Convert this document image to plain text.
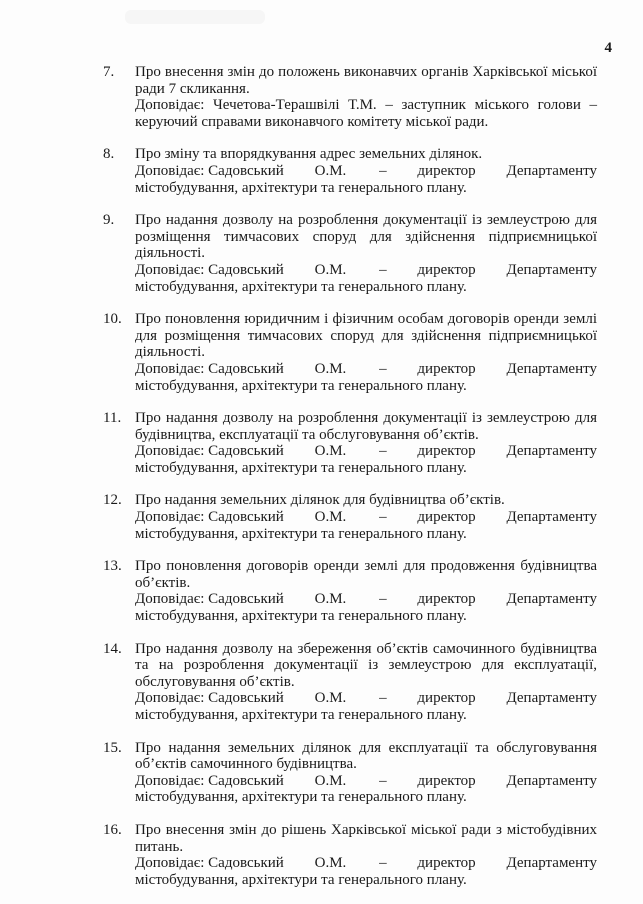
4
7.	Про внесення змін до положень виконавчих органів Харківської міської ради 7 скликання.
Доповідає: Чечетова-Терашвілі Т.М. – заступник міського голови – керуючий справами виконавчого комітету міської ради.
8.	Про зміну та впорядкування адрес земельних ділянок.
Доповідає: Садовський О.М. – директор Департаменту
містобудування, архітектури та генерального плану.
9.	Про надання дозволу на розроблення документації із землеустрою для розміщення тимчасових споруд для здійснення підприємницької діяльності.
Доповідає: Садовський О.М. – директор Департаменту
містобудування, архітектури та генерального плану.
10. Про поновлення юридичним і фізичним особам договорів оренди землі для розміщення тимчасових споруд для здійснення підприємницької діяльності.
Доповідає: Садовський О.М. – директор Департаменту
містобудування, архітектури та генерального плану.
11. Про надання дозволу на розроблення документації із землеустрою для будівництва, експлуатації та обслуговування об’єктів.
Доповідає: Садовський О.М. – директор Департаменту
містобудування, архітектури та генерального плану.
12. Про надання земельних ділянок для будівництва об’єктів.
Доповідає: Садовський О.М. – директор Департаменту
містобудування, архітектури та генерального плану.
13. Про поновлення договорів оренди землі для продовження будівництва об’єктів.
Доповідає: Садовський О.М. – директор Департаменту
містобудування, архітектури та генерального плану.
14. Про надання дозволу на збереження об’єктів самочинного будівництва та на розроблення документації із землеустрою для експлуатації, обслуговування об’єктів.
Доповідає: Садовський О.М. – директор Департаменту
містобудування, архітектури та генерального плану.
15. Про надання земельних ділянок для експлуатації та обслуговування об’єктів самочинного будівництва.
Доповідає: Садовський О.М. – директор Департаменту
містобудування, архітектури та генерального плану.
16. Про внесення змін до рішень Харківської міської ради з містобудівних питань.
Доповідає: Садовський О.М. – директор Департаменту
містобудування, архітектури та генерального плану.
